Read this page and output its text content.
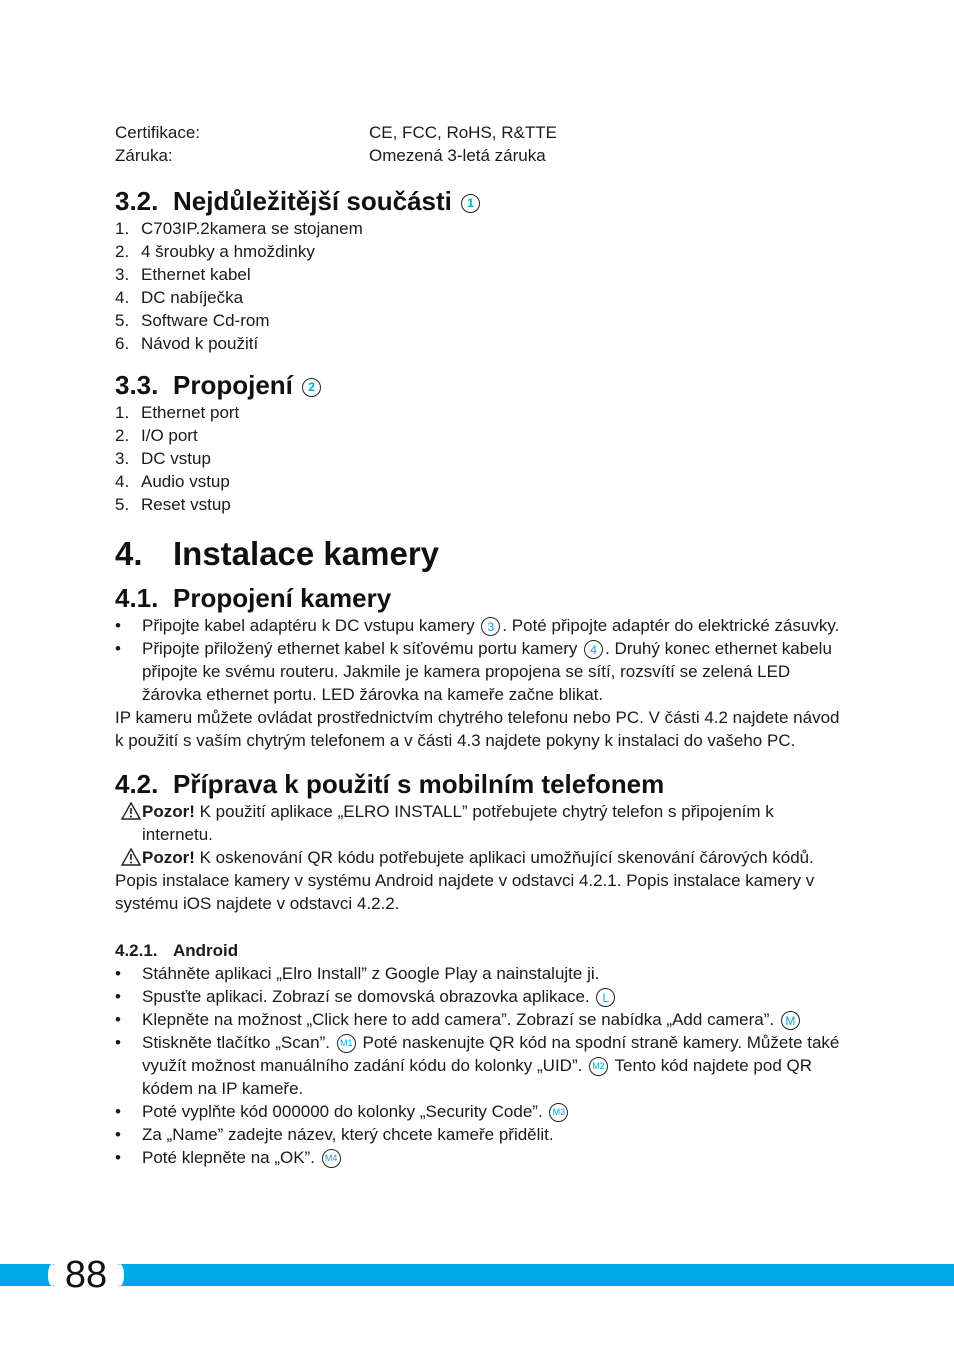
Certifikace:	CE, FCC, RoHS, R&TTE
Záruka:	Omezená 3-letá záruka
3.2. Nejdůležitější součásti 1
1. C703IP.2kamera se stojanem
2. 4 šroubky a hmoždinky
3. Ethernet kabel
4. DC nabíječka
5. Software Cd-rom
6. Návod k použití
3.3. Propojení 2
1. Ethernet port
2. I/O port
3. DC vstup
4. Audio vstup
5. Reset vstup
4. Instalace kamery
4.1. Propojení kamery
•	Připojte kabel adaptéru k DC vstupu kamery 3 . Poté připojte adaptér do elektrické zásuvky.
•	Připojte přiložený ethernet kabel k síťovému portu kamery 4 . Druhý konec ethernet kabelu připojte ke svému routeru. Jakmile je kamera propojena se sítí, rozsvítí se zelená LED žárovka ethernet portu. LED žárovka na kameře začne blikat.

IP kameru můžete ovládat prostřednictvím chytrého telefonu nebo PC. V části 4.2 najdete návod k použití s vaším chytrým telefonem a v části 4.3 najdete pokyny k instalaci do vašeho PC.

4.2. Příprava k použití s mobilním telefonem
Pozor! K použití aplikace „ELRO INSTALL” potřebujete chytrý telefon s připojením k internetu.
Pozor! K oskenování QR kódu potřebujete aplikaci umožňující skenování čárových kódů.

Popis instalace kamery v systému Android najdete v odstavci 4.2.1. Popis instalace kamery v systému iOS najdete v odstavci 4.2.2.

4.2.1. Android
•	Stáhněte aplikaci „Elro Install” z Google Play a nainstalujte ji.
•	Spusťte aplikaci. Zobrazí se domovská obrazovka aplikace. L
•	Klepněte na možnost „Click here to add camera”. Zobrazí se nabídka „Add camera”. M
•	Stiskněte tlačítko „Scan”. M1 Poté naskenujte QR kód na spodní straně kamery. Můžete také využít možnost manuálního zadání kódu do kolonky „UID”. M2 Tento kód najdete pod QR kódem na IP kameře.
•	Poté vyplňte kód 000000 do kolonky „Security Code”. M3
•	Za „Name” zadejte název, který chcete kameře přidělit.
•	Poté klepněte na „OK”. M4
88
